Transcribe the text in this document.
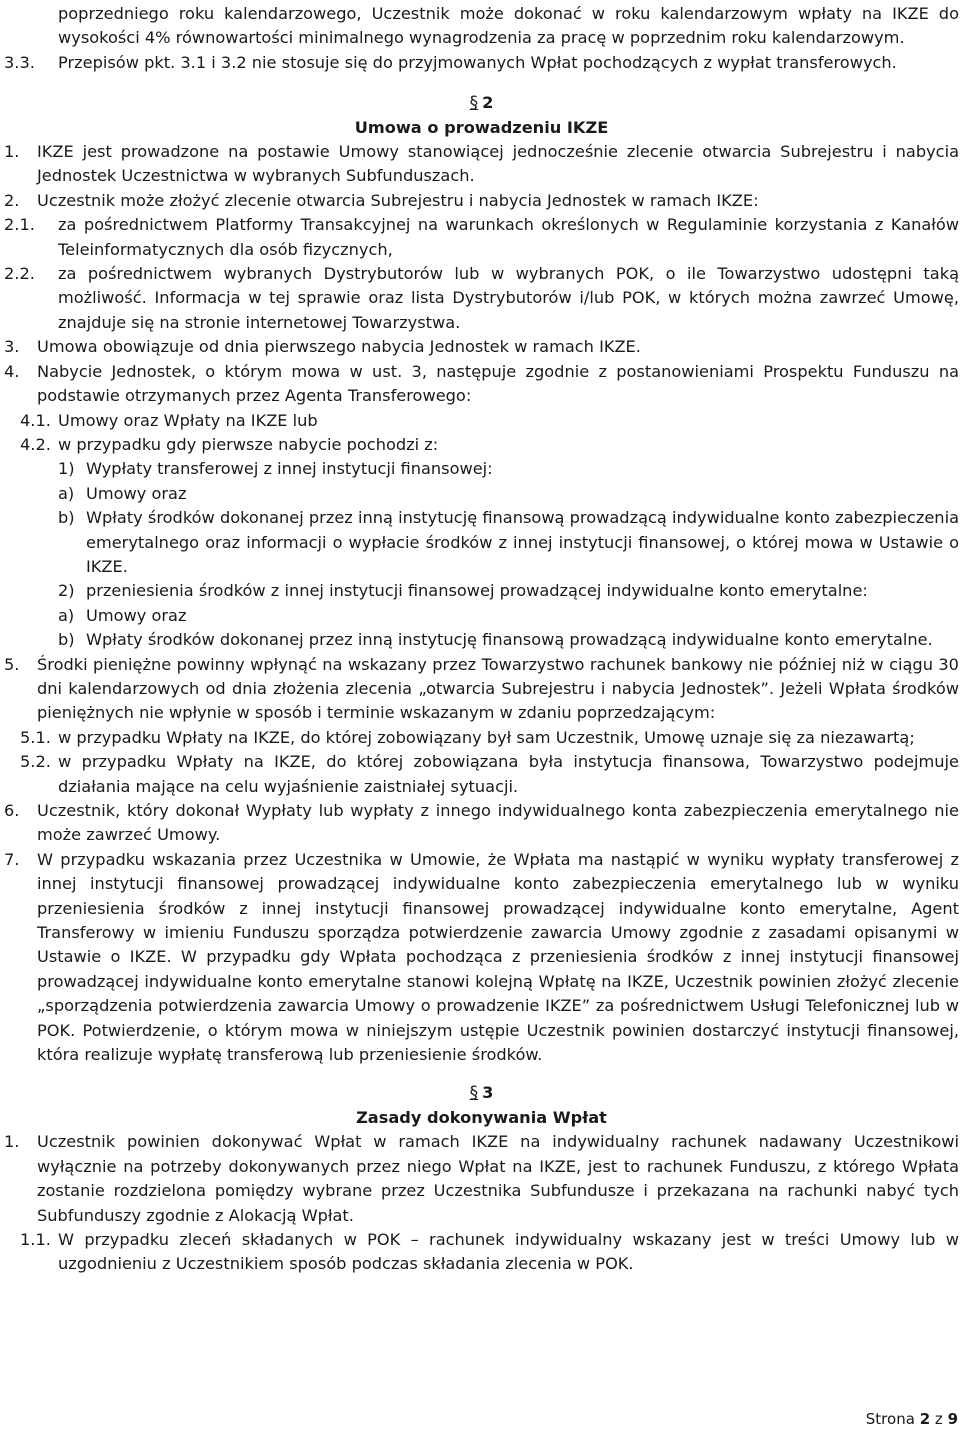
poprzedniego roku kalendarzowego, Uczestnik może dokonać w roku kalendarzowym wpłaty na IKZE do wysokości 4% równowartości minimalnego wynagrodzenia za pracę w poprzednim roku kalendarzowym.
3.3. Przepisów pkt. 3.1 i 3.2 nie stosuje się do przyjmowanych Wpłat pochodzących z wypłat transferowych.
§ 2
Umowa o prowadzeniu IKZE
1. IKZE jest prowadzone na postawie Umowy stanowiącej jednocześnie zlecenie otwarcia Subrejestru i nabycia Jednostek Uczestnictwa w wybranych Subfunduszach.
2. Uczestnik może złożyć zlecenie otwarcia Subrejestru i nabycia Jednostek w ramach IKZE:
2.1. za pośrednictwem Platformy Transakcyjnej na warunkach określonych w Regulaminie korzystania z Kanałów Teleinformatycznych dla osób fizycznych,
2.2. za pośrednictwem wybranych Dystrybutorów lub w wybranych POK, o ile Towarzystwo udostępni taką możliwość. Informacja w tej sprawie oraz lista Dystrybutorów i/lub POK, w których można zawrzeć Umowę, znajduje się na stronie internetowej Towarzystwa.
3. Umowa obowiązuje od dnia pierwszego nabycia Jednostek w ramach IKZE.
4. Nabycie Jednostek, o którym mowa w ust. 3, następuje zgodnie z postanowieniami Prospektu Funduszu na podstawie otrzymanych przez Agenta Transferowego:
4.1. Umowy oraz Wpłaty na IKZE lub
4.2. w przypadku gdy pierwsze nabycie pochodzi z:
1) Wypłaty transferowej z innej instytucji finansowej:
a) Umowy oraz
b) Wpłaty środków dokonanej przez inną instytucję finansową prowadzącą indywidualne konto zabezpieczenia emerytalnego oraz informacji o wypłacie środków z innej instytucji finansowej, o której mowa w Ustawie o IKZE.
2) przeniesienia środków z innej instytucji finansowej prowadzącej indywidualne konto emerytalne:
a) Umowy oraz
b) Wpłaty środków dokonanej przez inną instytucję finansową prowadzącą indywidualne konto emerytalne.
5. Środki pieniężne powinny wpłynąć na wskazany przez Towarzystwo rachunek bankowy nie później niż w ciągu 30 dni kalendarzowych od dnia złożenia zlecenia „otwarcia Subrejestru i nabycia Jednostek”. Jeżeli Wpłata środków pieniężnych nie wpłynie w sposób i terminie wskazanym w zdaniu poprzedzającym:
5.1. w przypadku Wpłaty na IKZE, do której zobowiązany był sam Uczestnik, Umowę uznaje się za niezawartą;
5.2. w przypadku Wpłaty na IKZE, do której zobowiązana była instytucja finansowa, Towarzystwo podejmuje działania mające na celu wyjaśnienie zaistniałej sytuacji.
6. Uczestnik, który dokonał Wypłaty lub wypłaty z innego indywidualnego konta zabezpieczenia emerytalnego nie może zawrzeć Umowy.
7. W przypadku wskazania przez Uczestnika w Umowie, że Wpłata ma nastąpić w wyniku wypłaty transferowej z innej instytucji finansowej prowadzącej indywidualne konto zabezpieczenia emerytalnego lub w wyniku przeniesienia środków z innej instytucji finansowej prowadzącej indywidualne konto emerytalne, Agent Transferowy w imieniu Funduszu sporządza potwierdzenie zawarcia Umowy zgodnie z zasadami opisanymi w Ustawie o IKZE. W przypadku gdy Wpłata pochodząca z przeniesienia środków z innej instytucji finansowej prowadzącej indywidualne konto emerytalne stanowi kolejną Wpłatę na IKZE, Uczestnik powinien złożyć zlecenie „sporządzenia potwierdzenia zawarcia Umowy o prowadzenie IKZE” za pośrednictwem Usługi Telefonicznej lub w POK. Potwierdzenie, o którym mowa w niniejszym ustępie Uczestnik powinien dostarczyć instytucji finansowej, która realizuje wypłatę transferową lub przeniesienie środków.
§ 3
Zasady dokonywania Wpłat
1. Uczestnik powinien dokonywać Wpłat w ramach IKZE na indywidualny rachunek nadawany Uczestnikowi wyłącznie na potrzeby dokonywanych przez niego Wpłat na IKZE, jest to rachunek Funduszu, z którego Wpłata zostanie rozdzielona pomiędzy wybrane przez Uczestnika Subfundusze i przekazana na rachunki nabyć tych Subfunduszy zgodnie z Alokacją Wpłat.
1.1. W przypadku zleceń składanych w POK – rachunek indywidualny wskazany jest w treści Umowy lub w uzgodnieniu z Uczestnikiem sposób podczas składania zlecenia w POK.
Strona 2 z 9
